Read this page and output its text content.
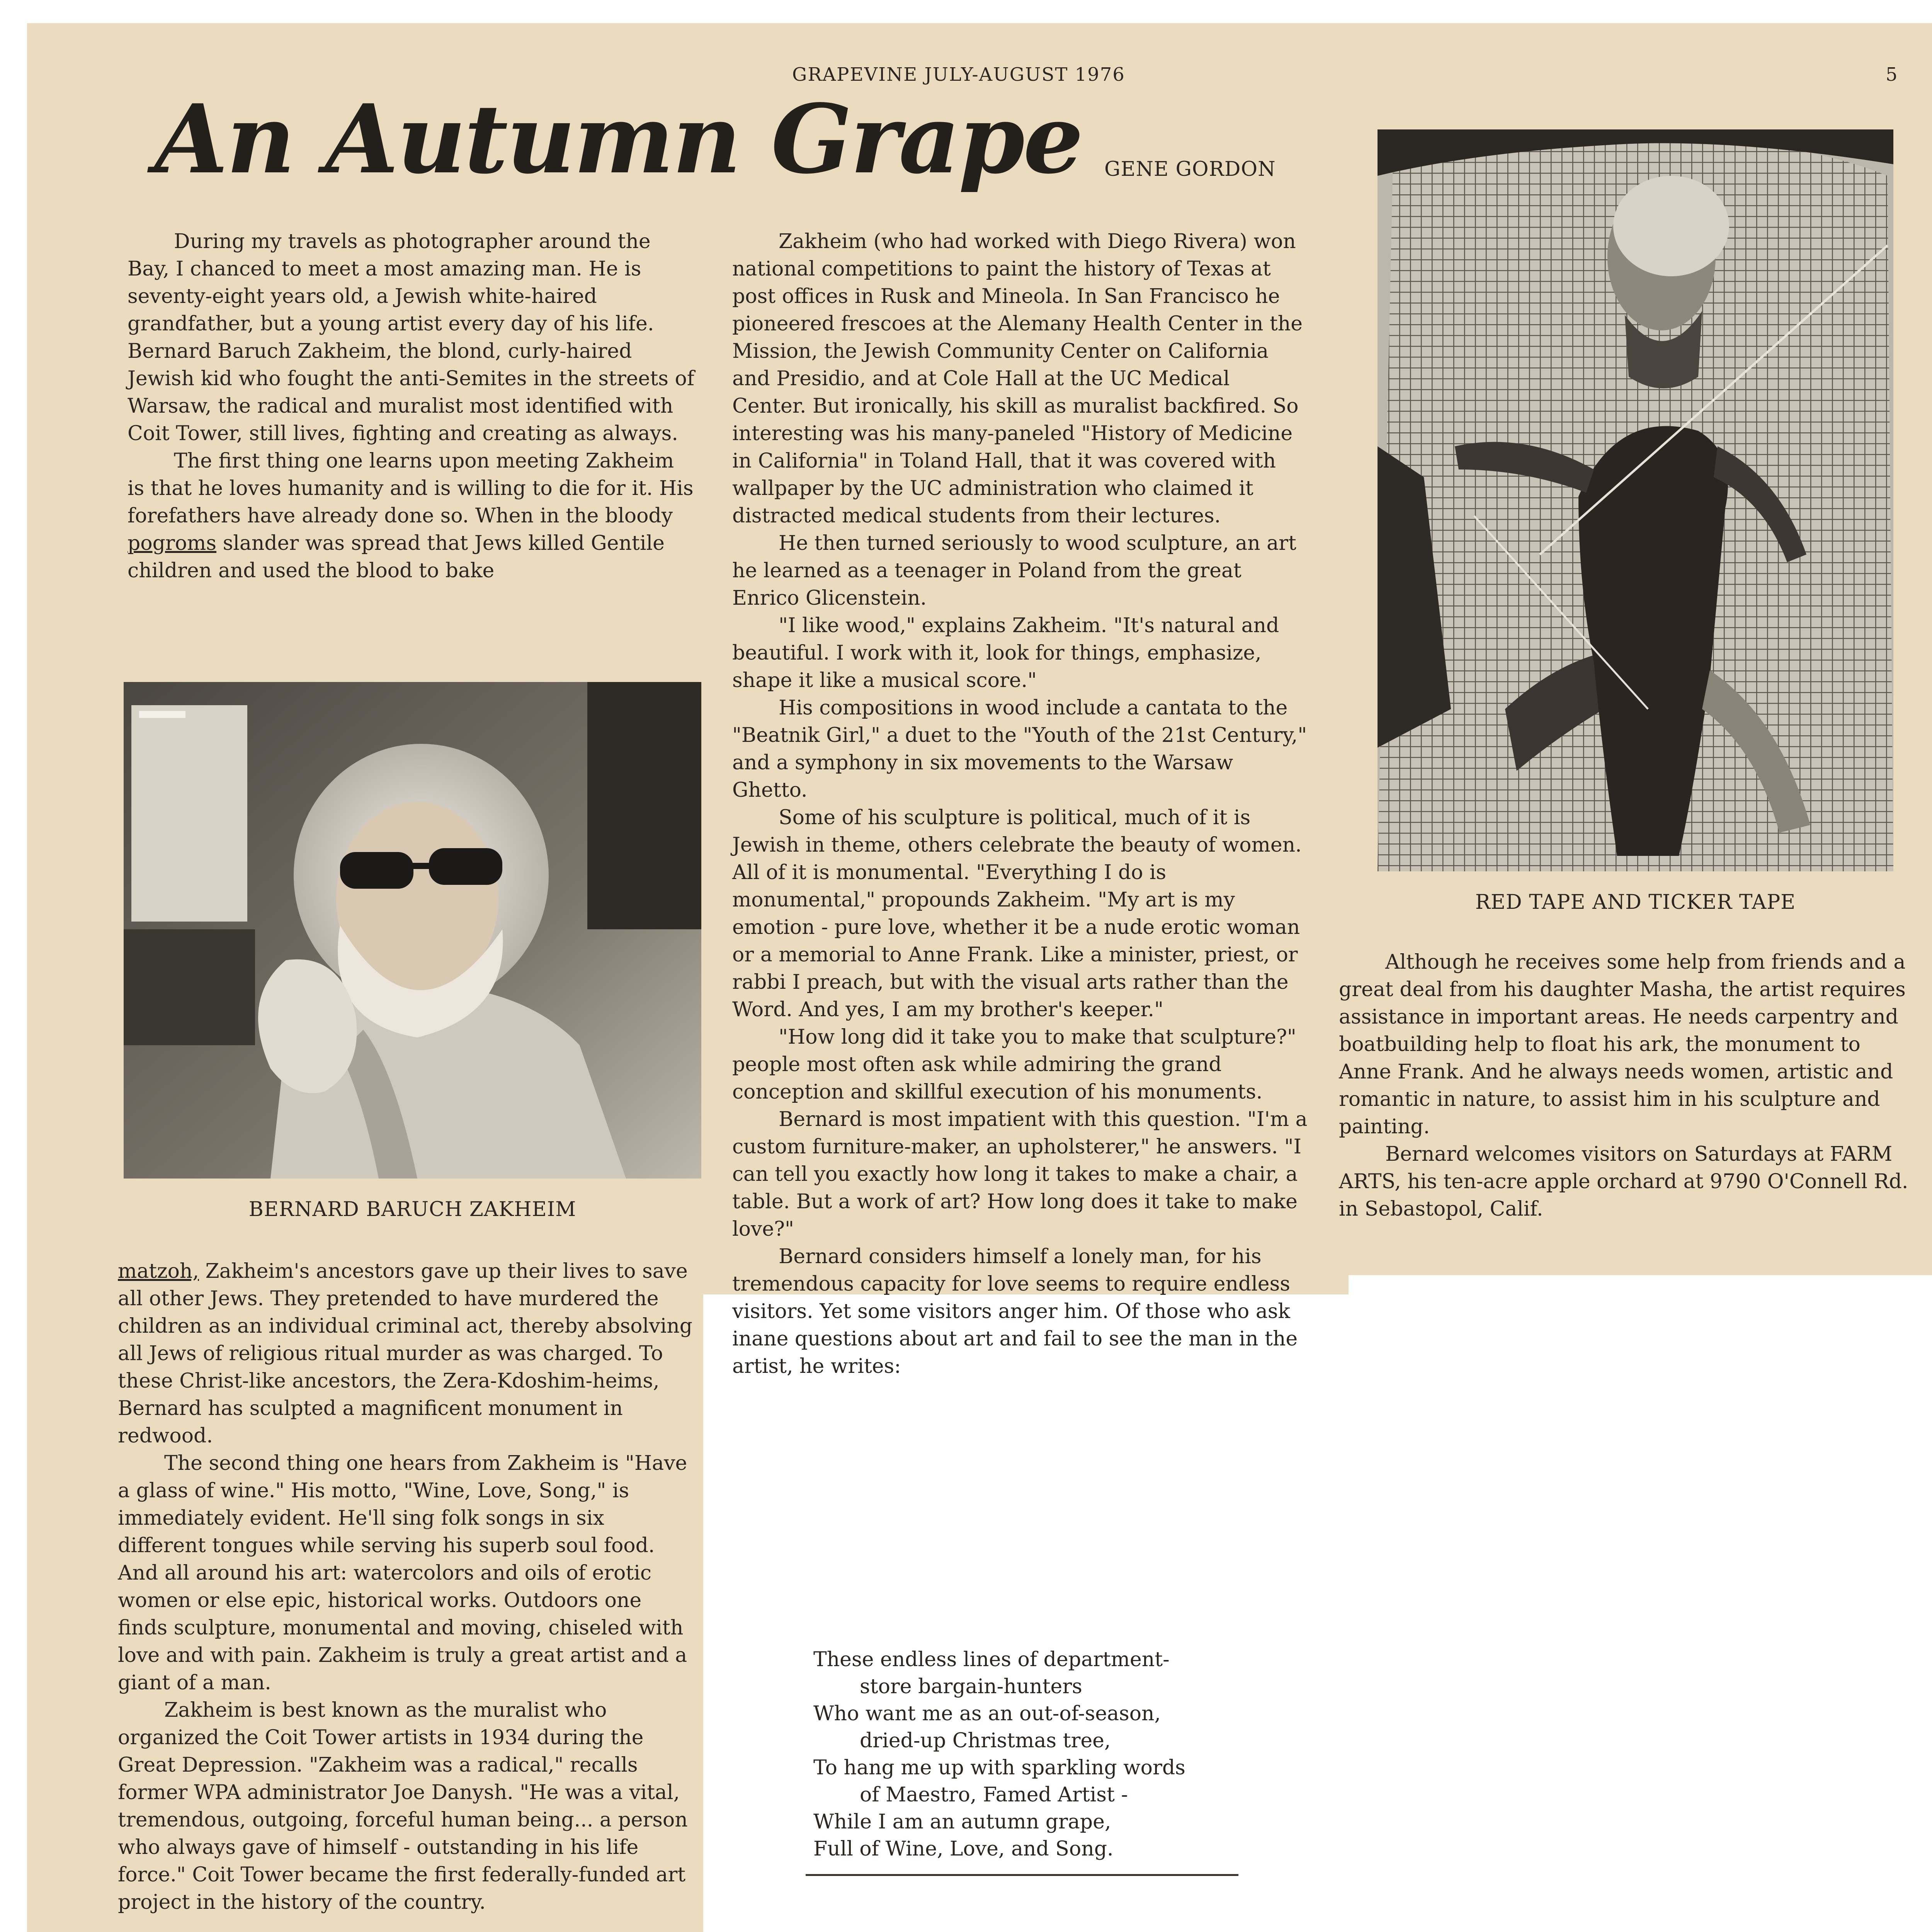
GRAPEVINE JULY-AUGUST 1976	5
An Autumn Grape GENE GORDON

During my travels as photographer around the Bay, I chanced to meet a most amazing man. He is seventy-eight years old, a Jewish white-haired grandfather, but a young artist every day of his life. Bernard Baruch Zakheim, the blond, curly-haired Jewish kid who fought the anti-Semites in the streets of Warsaw, the radical and muralist most identified with Coit Tower, still lives, fighting and creating as always.

The first thing one learns upon meeting Zakheim is that he loves humanity and is willing to die for it. His forefathers have already done so. When in the bloody pogroms slander was spread that Jews killed Gentile children and used the blood to bake

BERNARD BARUCH ZAKHEIM

matzoh, Zakheim's ancestors gave up their lives to save all other Jews. They pretended to have murdered the children as an individual criminal act, thereby absolving all Jews of religious ritual murder as was charged. To these Christ-like ancestors, the Zera-Kdoshim-heims, Bernard has sculpted a magnificent monument in redwood.

The second thing one hears from Zakheim is "Have a glass of wine." His motto, "Wine, Love, Song," is immediately evident. He'll sing folk songs in six different tongues while serving his superb soul food. And all around his art: watercolors and oils of erotic women or else epic, historical works. Outdoors one finds sculpture, monumental and moving, chiseled with love and with pain. Zakheim is truly a great artist and a giant of a man.

Zakheim is best known as the muralist who organized the Coit Tower artists in 1934 during the Great Depression. "Zakheim was a radical," recalls former WPA administrator Joe Danysh. "He was a vital, tremendous, outgoing, forceful human being... a person who always gave of himself - outstanding in his life force." Coit Tower became the first federally-funded art project in the history of the country.

Zakheim (who had worked with Diego Rivera) won national competitions to paint the history of Texas at post offices in Rusk and Mineola. In San Francisco he pioneered frescoes at the Alemany Health Center in the Mission, the Jewish Community Center on California and Presidio, and at Cole Hall at the UC Medical Center. But ironically, his skill as muralist backfired. So interesting was his many-paneled "History of Medicine in California" in Toland Hall, that it was covered with wallpaper by the UC administration who claimed it distracted medical students from their lectures.

He then turned seriously to wood sculpture, an art he learned as a teenager in Poland from the great Enrico Glicenstein.

"I like wood," explains Zakheim. "It's natural and beautiful. I work with it, look for things, emphasize, shape it like a musical score."

His compositions in wood include a cantata to the "Beatnik Girl," a duet to the "Youth of the 21st Century," and a symphony in six movements to the Warsaw Ghetto.

Some of his sculpture is political, much of it is Jewish in theme, others celebrate the beauty of women. All of it is monumental. "Everything I do is monumental," propounds Zakheim. "My art is my emotion - pure love, whether it be a nude erotic woman or a memorial to Anne Frank. Like a minister, priest, or rabbi I preach, but with the visual arts rather than the Word. And yes, I am my brother's keeper."

"How long did it take you to make that sculpture?" people most often ask while admiring the grand conception and skillful execution of his monuments.

Bernard is most impatient with this question. "I'm a custom furniture-maker, an upholsterer," he answers. "I can tell you exactly how long it takes to make a chair, a table. But a work of art? How long does it take to make love?"

Bernard considers himself a lonely man, for his tremendous capacity for love seems to require endless visitors. Yet some visitors anger him. Of those who ask inane questions about art and fail to see the man in the artist, he writes:

These endless lines of department-
store bargain-hunters
Who want me as an out-of-season,
dried-up Christmas tree,
To hang me up with sparkling words
of Maestro, Famed Artist -
While I am an autumn grape,
Full of Wine, Love, and Song.
RED TAPE AND TICKER TAPE

Although he receives some help from friends and a great deal from his daughter Masha, the artist requires assistance in important areas. He needs carpentry and boatbuilding help to float his ark, the monument to Anne Frank. And he always needs women, artistic and romantic in nature, to assist him in his sculpture and painting.

Bernard welcomes visitors on Saturdays at FARM ARTS, his ten-acre apple orchard at 9790 O'Connell Rd. in Sebastopol, Calif.
